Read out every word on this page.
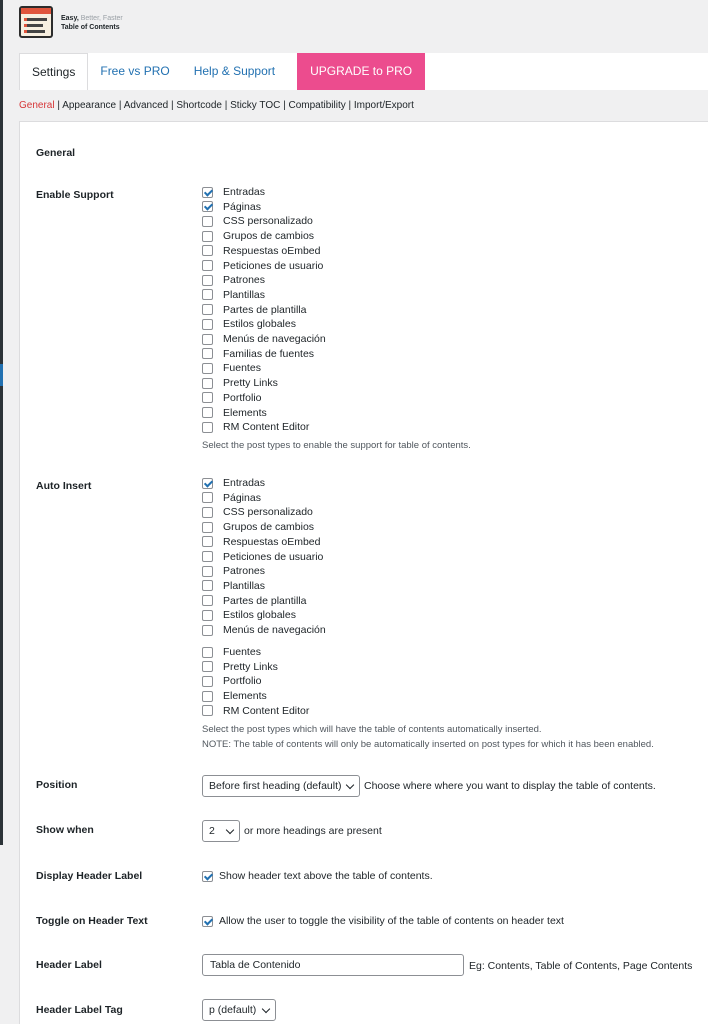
Easy, Better, Faster
Table of Contents
Settings	Free vs PRO	Help & Support	UPGRADE to PRO
General | Appearance | Advanced | Shortcode | Sticky TOC | Compatibility | Import/Export
General
Enable Support	Entradas
Páginas
CSS personalizado
Grupos de cambios
Respuestas oEmbed
Peticiones de usuario
Patrones
Plantillas
Partes de plantilla
Estilos globales
Menús de navegación
Familias de fuentes
Fuentes
Pretty Links
Portfolio
Elements
RM Content Editor
Select the post types to enable the support for table of contents.
Auto Insert	Entradas
Páginas
CSS personalizado
Grupos de cambios
Respuestas oEmbed
Peticiones de usuario
Patrones
Plantillas
Partes de plantilla
Estilos globales
Menús de navegación
Fuentes
Pretty Links
Portfolio
Elements
RM Content Editor
Select the post types which will have the table of contents automatically inserted.
NOTE: The table of contents will only be automatically inserted on post types for which it has been enabled.
Position	Before first heading (default)	Choose where where you want to display the table of contents.
Show when	2	or more headings are present
Display Header Label	Show header text above the table of contents.
Toggle on Header Text	Allow the user to toggle the visibility of the table of contents on header text
Header Label	Tabla de Contenido	Eg: Contents, Table of Contents, Page Contents
Header Label Tag	p (default)
